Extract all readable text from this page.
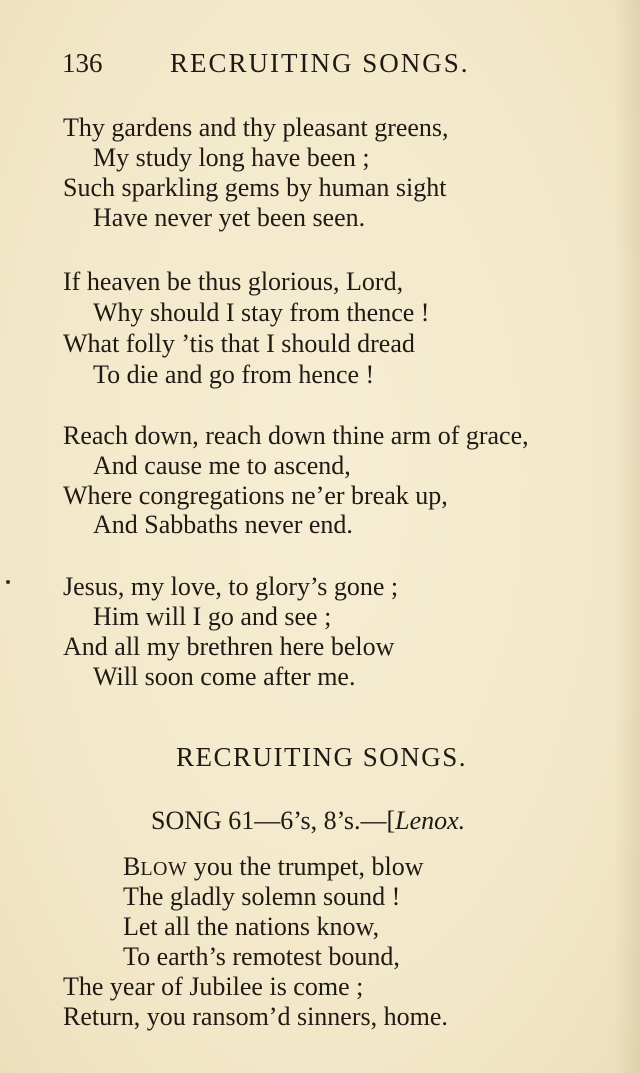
136	RECRUITING SONGS.
Thy gardens and thy pleasant greens,
My study long have been ;
Such sparkling gems by human sight
Have never yet been seen.
If heaven be thus glorious, Lord,
Why should I stay from thence !
What folly ’tis that I should dread
To die and go from hence !
Reach down, reach down thine arm of grace,
And cause me to ascend,
Where congregations ne’er break up,
And Sabbaths never end.
Jesus, my love, to glory’s gone ;
Him will I go and see ;
And all my brethren here below
Will soon come after me.
RECRUITING SONGS.
SONG 61—6’s, 8’s.—[Lenox.
BLOW you the trumpet, blow
The gladly solemn sound !
Let all the nations know,
To earth’s remotest bound,
The year of Jubilee is come ;
Return, you ransom’d sinners, home.
